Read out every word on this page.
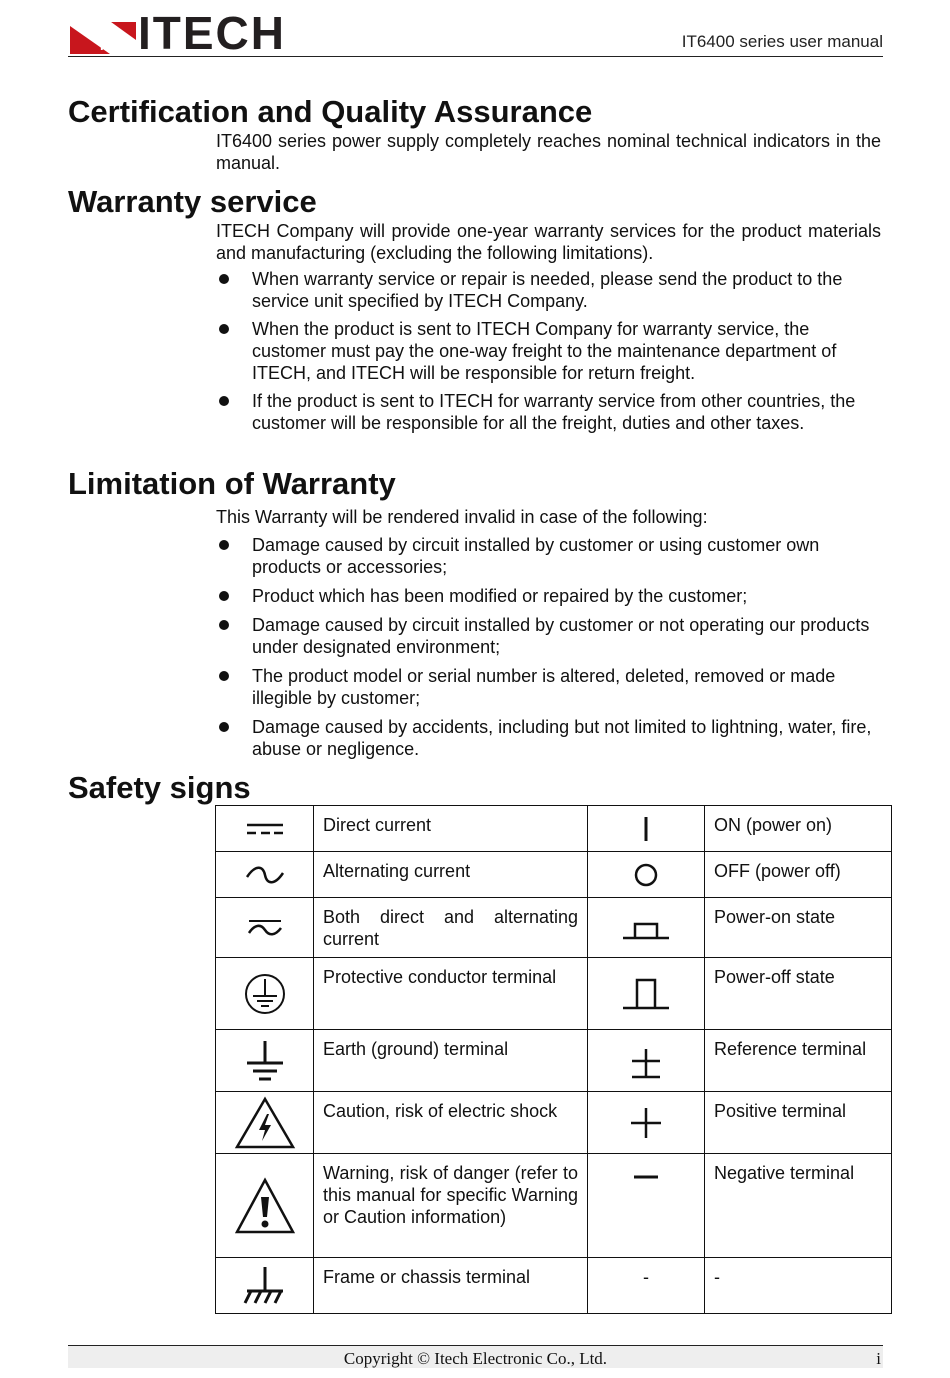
ITECH ITECH	IT6400 series user manual
Certification and Quality Assurance

IT6400 series power supply completely reaches nominal technical indicators in the manual.

Warranty service

ITECH Company will provide one-year warranty services for the product materials and manufacturing (excluding the following limitations).

When warranty service or repair is needed, please send the product to the service unit specified by ITECH Company.
When the product is sent to ITECH Company for warranty service, the customer must pay the one-way freight to the maintenance department of ITECH, and ITECH will be responsible for return freight.
If the product is sent to ITECH for warranty service from other countries, the customer will be responsible for all the freight, duties and other taxes.
Limitation of Warranty

This Warranty will be rendered invalid in case of the following:

Damage caused by circuit installed by customer or using customer own products or accessories;
Product which has been modified or repaired by the customer;
Damage caused by circuit installed by customer or not operating our products under designated environment;
The product model or serial number is altered, deleted, removed or made illegible by customer;
Damage caused by accidents, including but not limited to lightning, water, fire, abuse or negligence.
Safety signs
	Direct current		ON (power on)

	Alternating current		OFF (power off)

	Both direct and alternating current		Power-on state

	Protective conductor terminal		Power-off state

	Earth (ground) terminal		Reference terminal

	Caution, risk of electric shock		Positive terminal

	Warning, risk of danger (refer to this manual for specific Warning or Caution information)		Negative terminal

	Frame or chassis terminal	-	-
Copyright © Itech Electronic Co., Ltd.	i
